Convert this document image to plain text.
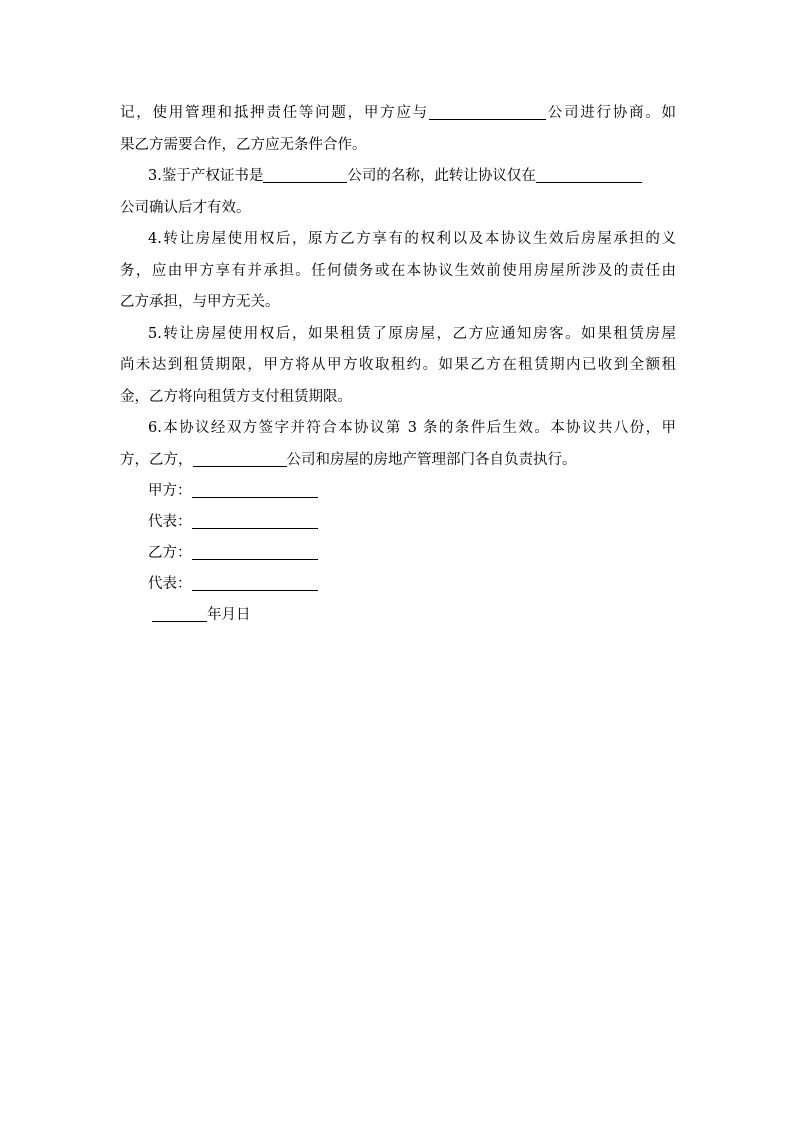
记，使用管理和抵押责任等问题，甲方应与	公司进行协商。如
果乙方需要合作，乙方应无条件合作。
3.鉴于产权证书是	公司的名称，此转让协议仅在
公司确认后才有效。
4.转让房屋使用权后，原方乙方享有的权利以及本协议生效后房屋承担的义
务，应由甲方享有并承担。任何债务或在本协议生效前使用房屋所涉及的责任由
乙方承担，与甲方无关。
5.转让房屋使用权后，如果租赁了原房屋，乙方应通知房客。如果租赁房屋
尚未达到租赁期限，甲方将从甲方收取租约。如果乙方在租赁期内已收到全额租
金，乙方将向租赁方支付租赁期限。
6.本协议经双方签字并符合本协议第 3 条的条件后生效。本协议共八份，甲
方，乙方，	公司和房屋的房地产管理部门各自负责执行。
甲方：
代表：
乙方：
代表：
年月日
